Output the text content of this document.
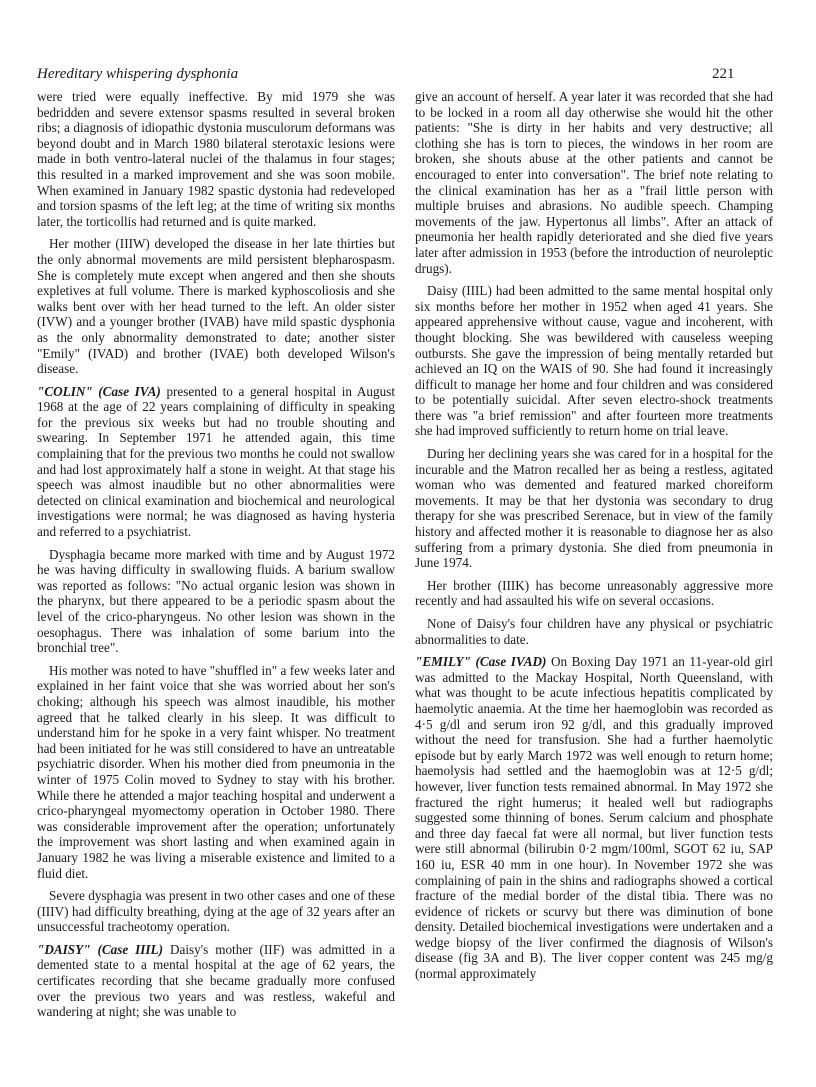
Hereditary whispering dysphonia	221

were tried were equally ineffective. By mid 1979 she was bedridden and severe extensor spasms resulted in several broken ribs; a diagnosis of idiopathic dystonia musculorum deformans was beyond doubt and in March 1980 bilateral sterotaxic lesions were made in both ventro-lateral nuclei of the thalamus in four stages; this resulted in a marked improvement and she was soon mobile. When examined in January 1982 spastic dystonia had redeveloped and torsion spasms of the left leg; at the time of writing six months later, the torticollis had returned and is quite marked.

Her mother (IIIW) developed the disease in her late thirties but the only abnormal movements are mild persistent blepharospasm. She is completely mute except when angered and then she shouts expletives at full volume. There is marked kyphoscoliosis and she walks bent over with her head turned to the left. An older sister (IVW) and a younger brother (IVAB) have mild spastic dysphonia as the only abnormality demonstrated to date; another sister "Emily" (IVAD) and brother (IVAE) both developed Wilson's disease.

"COLIN" (Case IVA) presented to a general hospital in August 1968 at the age of 22 years complaining of difficulty in speaking for the previous six weeks but had no trouble shouting and swearing. In September 1971 he attended again, this time complaining that for the previous two months he could not swallow and had lost approximately half a stone in weight. At that stage his speech was almost inaudible but no other abnormalities were detected on clinical examination and biochemical and neurological investigations were normal; he was diagnosed as having hysteria and referred to a psychiatrist.

Dysphagia became more marked with time and by August 1972 he was having difficulty in swallowing fluids. A barium swallow was reported as follows: "No actual organic lesion was shown in the pharynx, but there appeared to be a periodic spasm about the level of the crico-pharyngeus. No other lesion was shown in the oesophagus. There was inhalation of some barium into the bronchial tree".

His mother was noted to have "shuffled in" a few weeks later and explained in her faint voice that she was worried about her son's choking; although his speech was almost inaudible, his mother agreed that he talked clearly in his sleep. It was difficult to understand him for he spoke in a very faint whisper. No treatment had been initiated for he was still considered to have an untreatable psychiatric disorder. When his mother died from pneumonia in the winter of 1975 Colin moved to Sydney to stay with his brother. While there he attended a major teaching hospital and underwent a crico-pharyngeal myomectomy operation in October 1980. There was considerable improvement after the operation; unfortunately the improvement was short lasting and when examined again in January 1982 he was living a miserable existence and limited to a fluid diet.

Severe dysphagia was present in two other cases and one of these (IIIV) had difficulty breathing, dying at the age of 32 years after an unsuccessful tracheotomy operation.

"DAISY" (Case IIIL) Daisy's mother (IIF) was admitted in a demented state to a mental hospital at the age of 62 years, the certificates recording that she became gradually more confused over the previous two years and was restless, wakeful and wandering at night; she was unable to

give an account of herself. A year later it was recorded that she had to be locked in a room all day otherwise she would hit the other patients: "She is dirty in her habits and very destructive; all clothing she has is torn to pieces, the windows in her room are broken, she shouts abuse at the other patients and cannot be encouraged to enter into conversation". The brief note relating to the clinical examination has her as a "frail little person with multiple bruises and abrasions. No audible speech. Champing movements of the jaw. Hypertonus all limbs". After an attack of pneumonia her health rapidly deteriorated and she died five years later after admission in 1953 (before the introduction of neuroleptic drugs).

Daisy (IIIL) had been admitted to the same mental hospital only six months before her mother in 1952 when aged 41 years. She appeared apprehensive without cause, vague and incoherent, with thought blocking. She was bewildered with causeless weeping outbursts. She gave the impression of being mentally retarded but achieved an IQ on the WAIS of 90. She had found it increasingly difficult to manage her home and four children and was considered to be potentially suicidal. After seven electro-shock treatments there was "a brief remission" and after fourteen more treatments she had improved sufficiently to return home on trial leave.

During her declining years she was cared for in a hospital for the incurable and the Matron recalled her as being a restless, agitated woman who was demented and featured marked choreiform movements. It may be that her dystonia was secondary to drug therapy for she was prescribed Serenace, but in view of the family history and affected mother it is reasonable to diagnose her as also suffering from a primary dystonia. She died from pneumonia in June 1974.

Her brother (IIIK) has become unreasonably aggressive more recently and had assaulted his wife on several occasions.

None of Daisy's four children have any physical or psychiatric abnormalities to date.

"EMILY" (Case IVAD) On Boxing Day 1971 an 11-year-old girl was admitted to the Mackay Hospital, North Queensland, with what was thought to be acute infectious hepatitis complicated by haemolytic anaemia. At the time her haemoglobin was recorded as 4·5 g/dl and serum iron 92 g/dl, and this gradually improved without the need for transfusion. She had a further haemolytic episode but by early March 1972 was well enough to return home; haemolysis had settled and the haemoglobin was at 12·5 g/dl; however, liver function tests remained abnormal. In May 1972 she fractured the right humerus; it healed well but radiographs suggested some thinning of bones. Serum calcium and phosphate and three day faecal fat were all normal, but liver function tests were still abnormal (bilirubin 0·2 mgm/100ml, SGOT 62 iu, SAP 160 iu, ESR 40 mm in one hour). In November 1972 she was complaining of pain in the shins and radiographs showed a cortical fracture of the medial border of the distal tibia. There was no evidence of rickets or scurvy but there was diminution of bone density. Detailed biochemical investigations were undertaken and a wedge biopsy of the liver confirmed the diagnosis of Wilson's disease (fig 3A and B). The liver copper content was 245 mg/g (normal approximately
